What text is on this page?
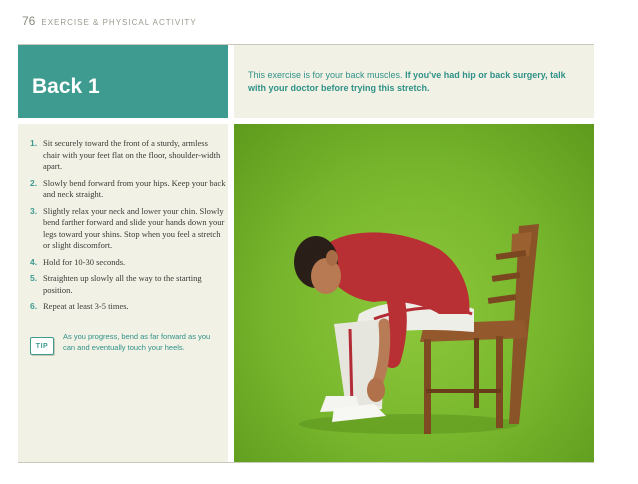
76 EXERCISE & PHYSICAL ACTIVITY
Back 1	This exercise is for your back muscles. If you've had hip or back surgery, talk with your doctor before trying this stretch.
1. Sit securely toward the front of a sturdy, armless chair with your feet flat on the floor, shoulder-width apart.
2. Slowly bend forward from your hips. Keep your back and neck straight.
3. Slightly relax your neck and lower your chin. Slowly bend farther forward and slide your hands down your legs toward your shins. Stop when you feel a stretch or slight discomfort.
4. Hold for 10-30 seconds.
5. Straighten up slowly all the way to the starting position.
6. Repeat at least 3-5 times.
TIP
As you progress, bend as far forward as you can and eventually touch your heels.
